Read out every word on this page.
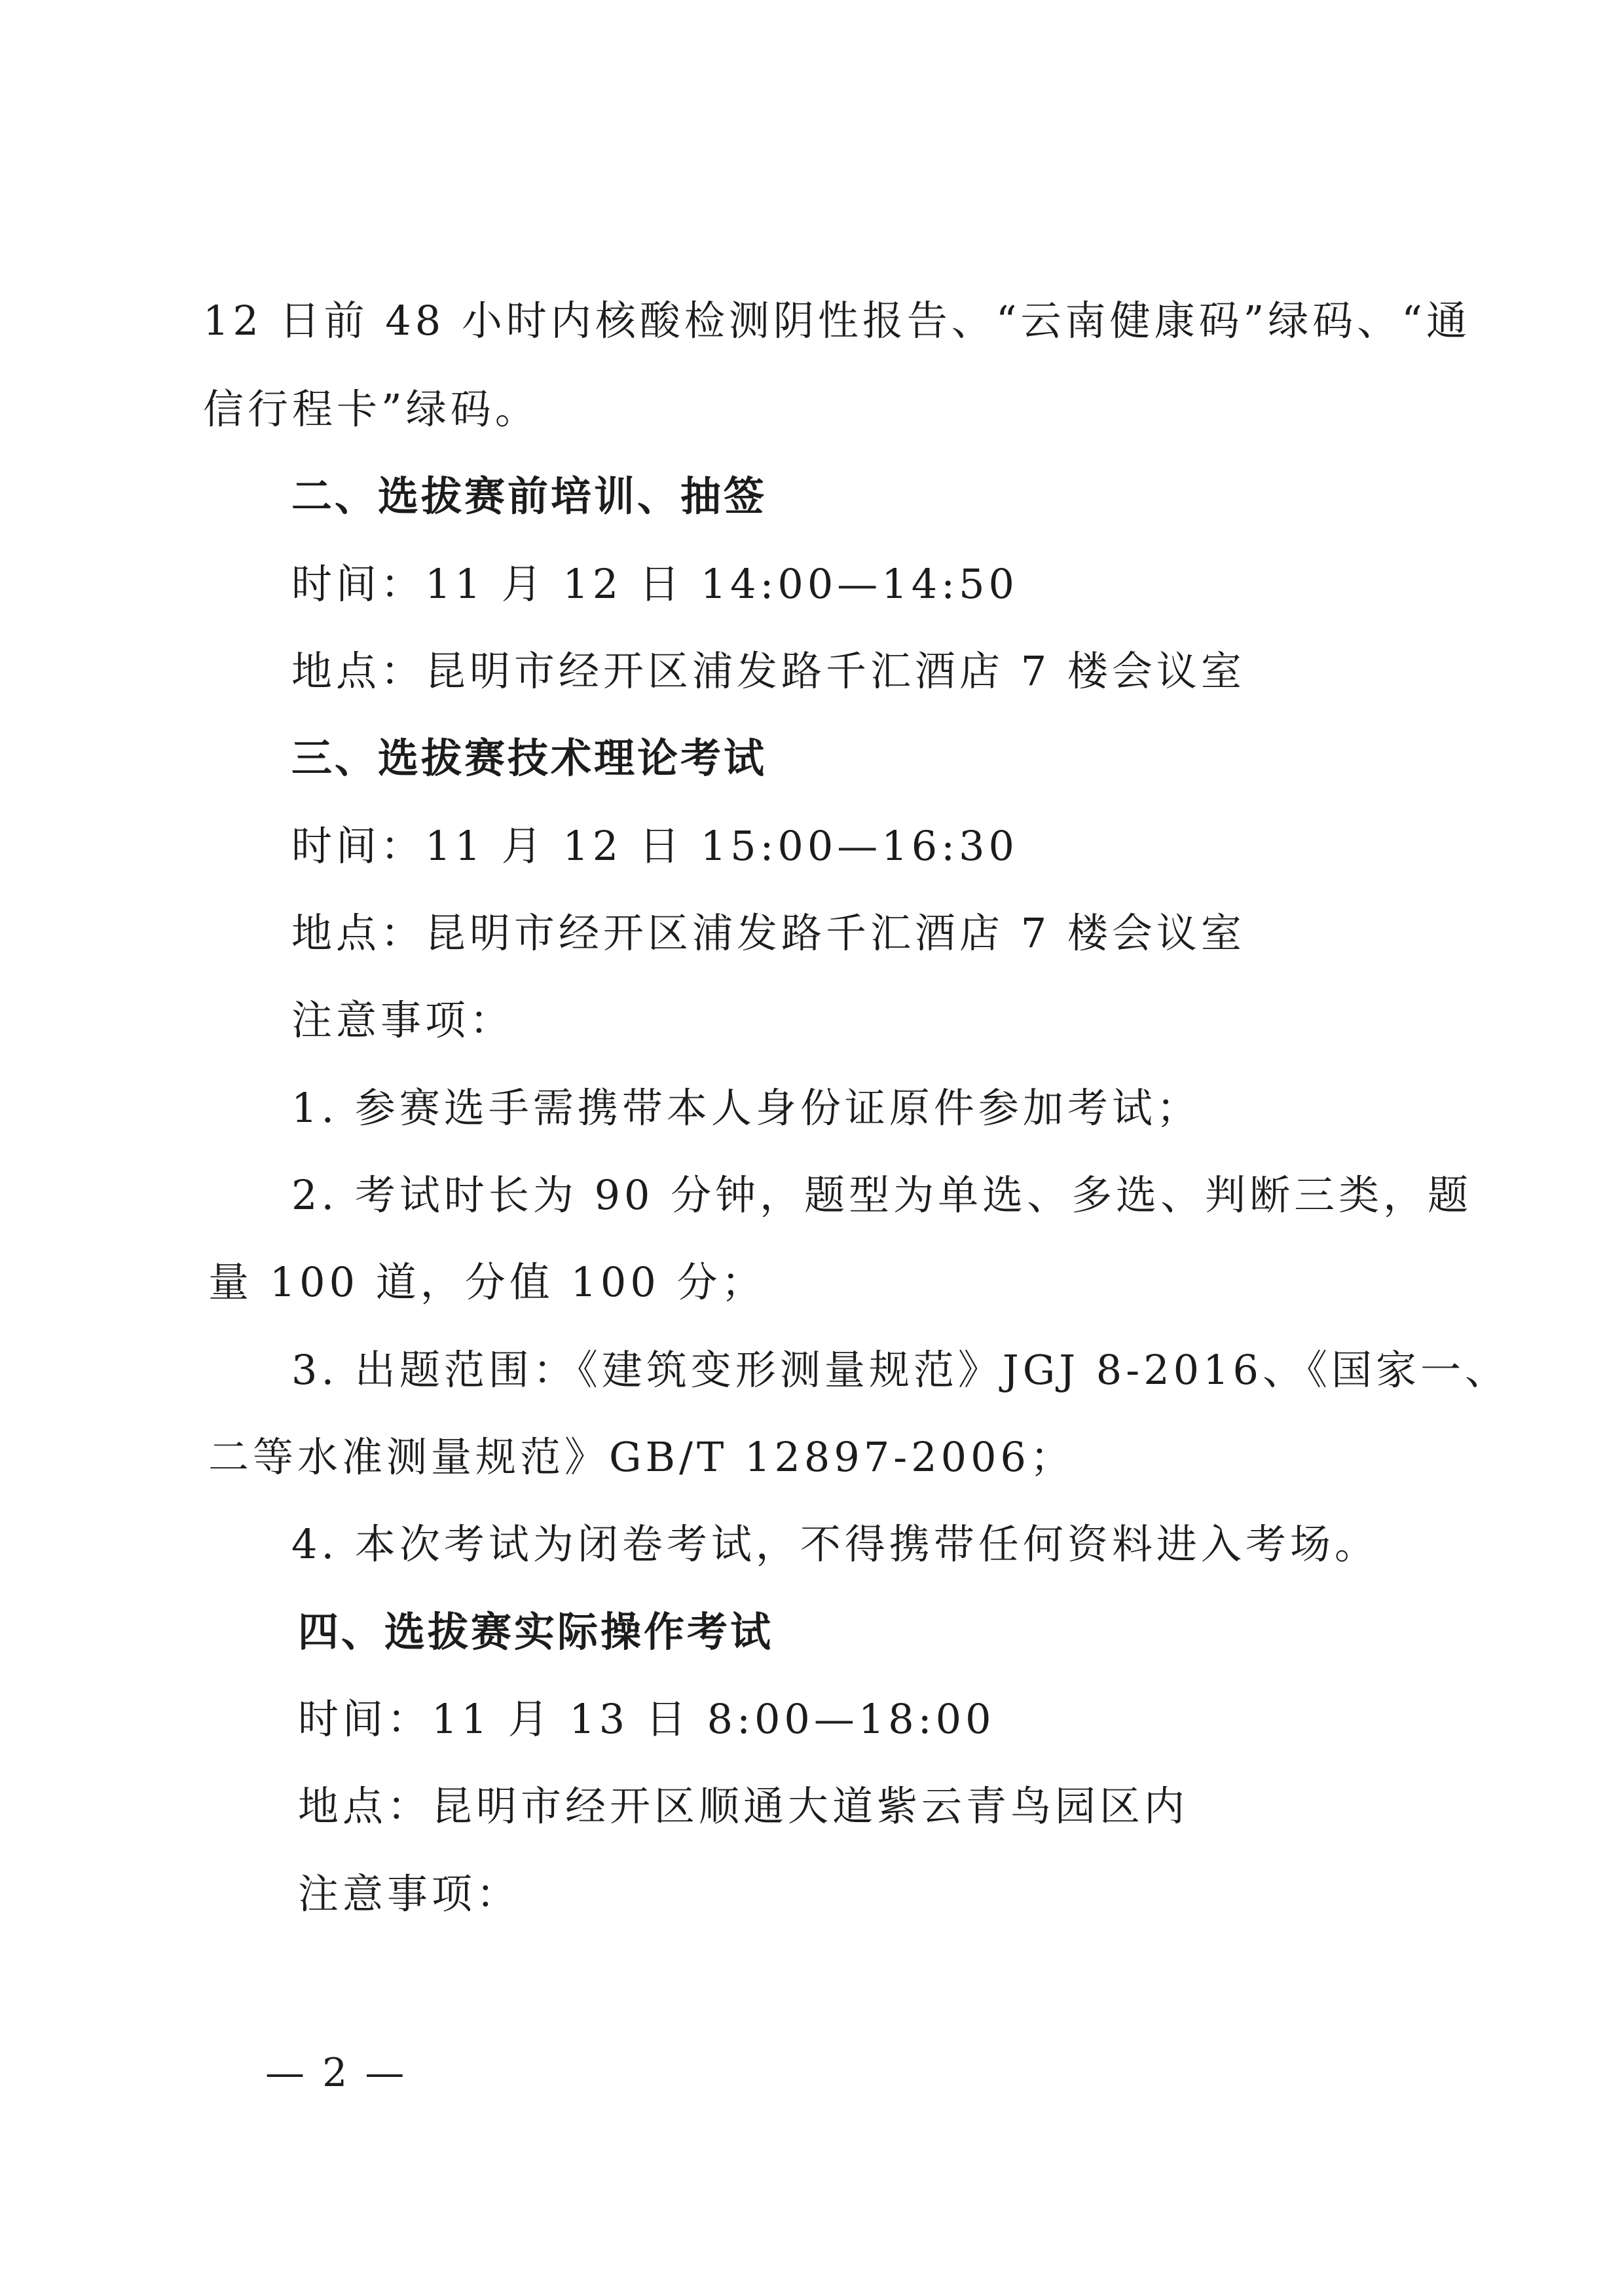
12 日前 48 小时内核酸检测阴性报告、“云南健康码”绿码、“通
信行程卡”绿码。
二、选拔赛前培训、抽签
时间：11 月 12 日 14:00—14:50
地点：昆明市经开区浦发路千汇酒店 7 楼会议室
三、选拔赛技术理论考试
时间：11 月 12 日 15:00—16:30
地点：昆明市经开区浦发路千汇酒店 7 楼会议室
注意事项：
1. 参赛选手需携带本人身份证原件参加考试；
2. 考试时长为 90 分钟，题型为单选、多选、判断三类，题
量 100 道，分值 100 分；
3. 出题范围：《建筑变形测量规范》JGJ 8-2016、《国家一、
二等水准测量规范》GB/T 12897-2006；
4. 本次考试为闭卷考试，不得携带任何资料进入考场。
四、选拔赛实际操作考试
时间：11 月 13 日 8:00—18:00
地点：昆明市经开区顺通大道紫云青鸟园区内
注意事项：
— 2 —
